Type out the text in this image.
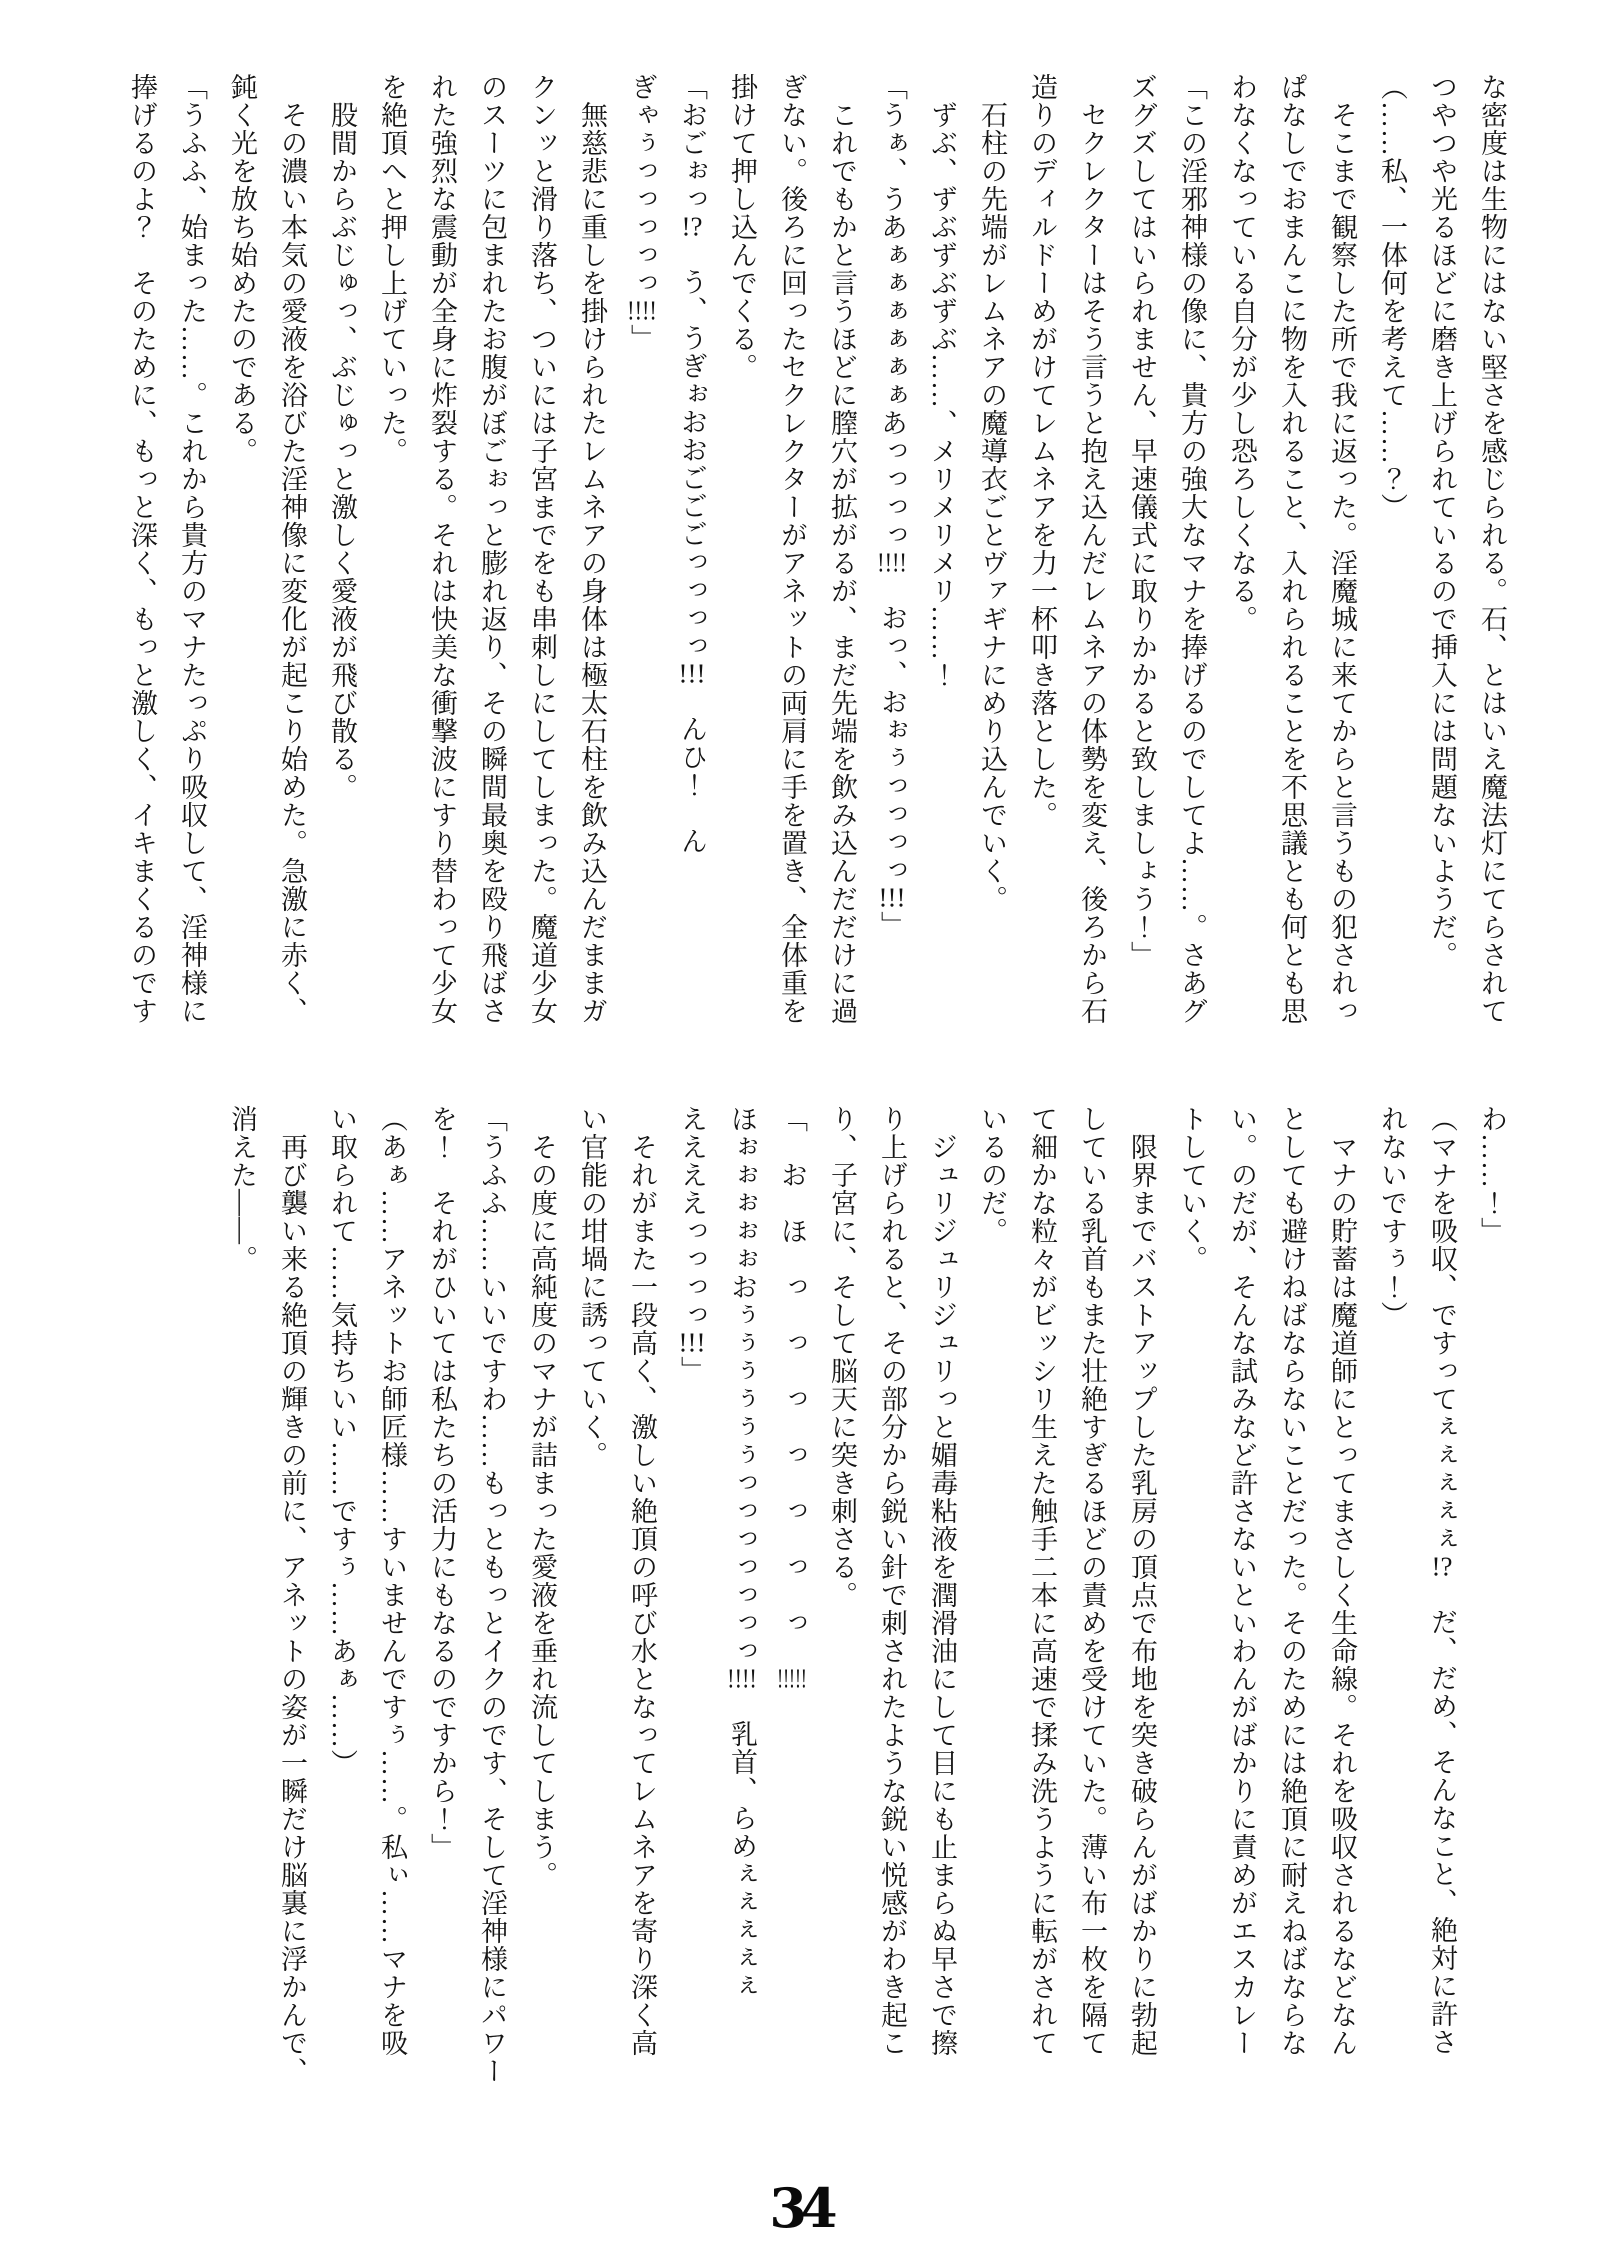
な密度は生物にはない堅さを感じられる。石、とはいえ魔法灯にてらされて

つやつや光るほどに磨き上げられているので挿入には問題ないようだ。

（……私、一体何を考えて……？）

　そこまで観察した所で我に返った。淫魔城に来てからと言うもの犯されっ

ぱなしでおまんこに物を入れること、入れられることを不思議とも何とも思

わなくなっている自分が少し恐ろしくなる。

「この淫邪神様の像に、貴方の強大なマナを捧げるのでしてよ……。さあグ

ズグズしてはいられません、早速儀式に取りかかると致しましょう！」

　セクレクターはそう言うと抱え込んだレムネアの体勢を変え、後ろから石

造りのディルドーめがけてレムネアを力一杯叩き落とした。

　石柱の先端がレムネアの魔導衣ごとヴァギナにめり込んでいく。

　ずぶ、ずぶずぶずぶ……、メリメリメリ……！

「うぁ、うあぁぁぁぁぁぁあっっっっ!!!!　おっ、おぉぅっっっっ!!!」

　これでもかと言うほどに膣穴が拡がるが、まだ先端を飲み込んだだけに過

ぎない。後ろに回ったセクレクターがアネットの両肩に手を置き、全体重を

掛けて押し込んでくる。

「おごぉっ!?　う、うぎぉおおごごごっっっっ!!!　んひ！　ん

ぎゃぅっっっっっ!!!!」

　無慈悲に重しを掛けられたレムネアの身体は極太石柱を飲み込んだままガ

クンッと滑り落ち、ついには子宮までをも串刺しにしてしまった。魔道少女

のスーツに包まれたお腹がぼごぉっと膨れ返り、その瞬間最奥を殴り飛ばさ

れた強烈な震動が全身に炸裂する。それは快美な衝撃波にすり替わって少女

を絶頂へと押し上げていった。

　股間からぶじゅっ、ぶじゅっと激しく愛液が飛び散る。

　その濃い本気の愛液を浴びた淫神像に変化が起こり始めた。急激に赤く、

鈍く光を放ち始めたのである。

「うふふ、始まった……。これから貴方のマナたっぷり吸収して、淫神様に

捧げるのよ？　そのために、もっと深く、もっと激しく、イキまくるのです

わ……！」

（マナを吸収、ですってぇぇぇぇぇ!?　だ、だめ、そんなこと、絶対に許さ

れないですぅ！）

　マナの貯蓄は魔道師にとってまさしく生命線。それを吸収されるなどなん

としても避けねばならないことだった。そのためには絶頂に耐えねばならな

い。のだが、そんな試みなど許さないといわんがばかりに責めがエスカレー

トしていく。

　限界までバストアップした乳房の頂点で布地を突き破らんがばかりに勃起

している乳首もまた壮絶すぎるほどの責めを受けていた。薄い布一枚を隔て

て細かな粒々がビッシリ生えた触手二本に高速で揉み洗うように転がされて

いるのだ。

　ジュリジュリジュリっと媚毒粘液を潤滑油にして目にも止まらぬ早さで擦

り上げられると、その部分から鋭い針で刺されたような鋭い悦感がわき起こ

り、子宮に、そして脳天に突き刺さる。

「　お　ほ　っ　っ　っ　っ　っ　っ　っ　!!!!!

ほぉぉぉぉぉおぅぅぅぅぅぅっっっっっっっ!!!!　乳首、らめぇぇぇぇぇ

ええええっっっっ!!!」

　それがまた一段高く、激しい絶頂の呼び水となってレムネアを寄り深く高

い官能の坩堝に誘っていく。

　その度に高純度のマナが詰まった愛液を垂れ流してしまう。

「うふふ……いいですわ……もっともっとイクのです、そして淫神様にパワー

を！　それがひいては私たちの活力にもなるのですから！」

（あぁ……アネットお師匠様……すいませんですぅ……。私ぃ……マナを吸

い取られて……気持ちいい……ですぅ……あぁ……）

　再び襲い来る絶頂の輝きの前に、アネットの姿が一瞬だけ脳裏に浮かんで、

消えた――。

34
